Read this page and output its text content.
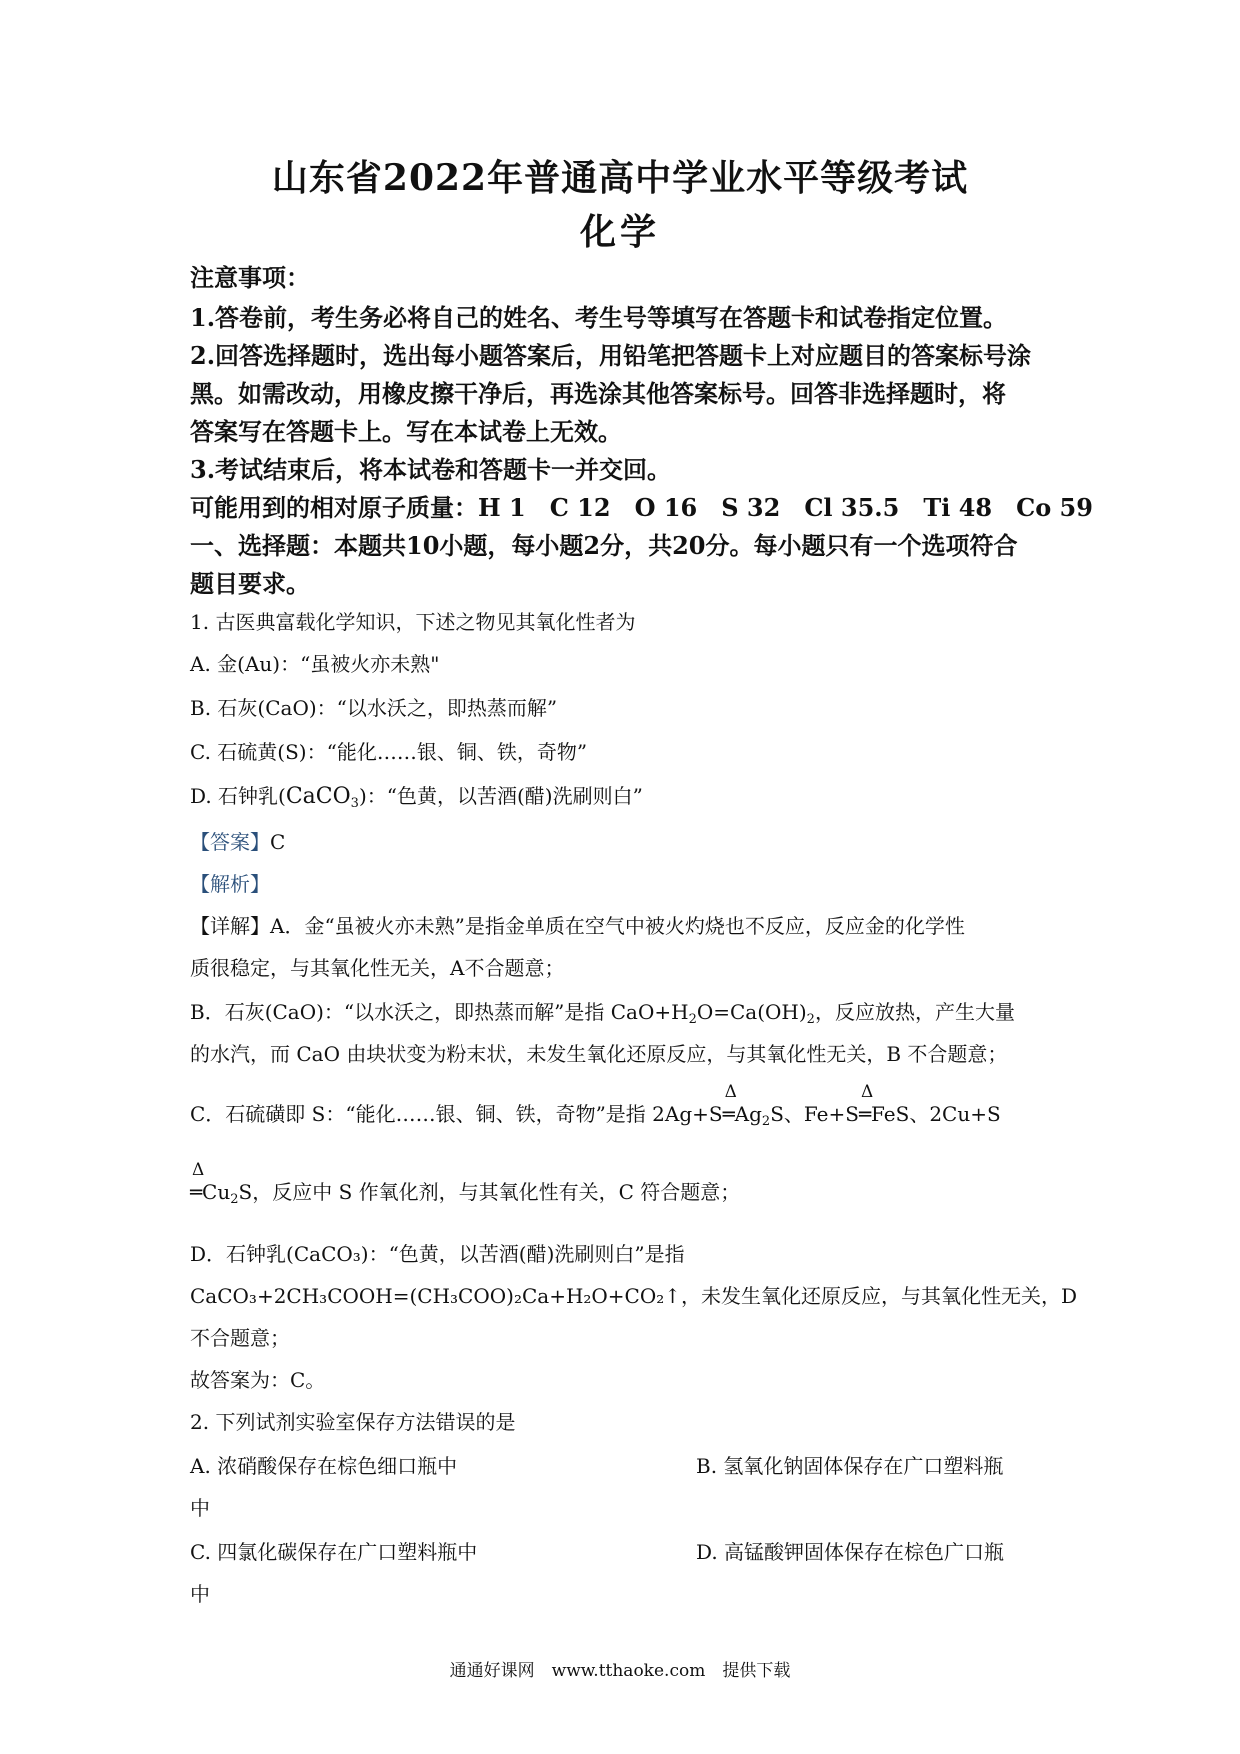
山东省2022年普通高中学业水平等级考试
化学
注意事项：
1.答卷前，考生务必将自己的姓名、考生号等填写在答题卡和试卷指定位置。
2.回答选择题时，选出每小题答案后，用铅笔把答题卡上对应题目的答案标号涂
黑。如需改动，用橡皮擦干净后，再选涂其他答案标号。回答非选择题时，将
答案写在答题卡上。写在本试卷上无效。
3.考试结束后，将本试卷和答题卡一并交回。
可能用到的相对原子质量：H 1　C 12　O 16　S 32　Cl 35.5　Ti 48　Co 59
一、选择题：本题共10小题，每小题2分，共20分。每小题只有一个选项符合
题目要求。
1. 古医典富载化学知识，下述之物见其氧化性者为
A. 金(Au)：“虽被火亦未熟"
B. 石灰(CaO)：“以水沃之，即热蒸而解”
C. 石硫黄(S)：“能化……银、铜、铁，奇物”
D. 石钟乳(CaCO$_3$)：“色黄，以苦酒(醋)洗刷则白”
【答案】C
【解析】
【详解】A．金“虽被火亦未熟”是指金单质在空气中被火灼烧也不反应，反应金的化学性
质很稳定，与其氧化性无关，A不合题意；
B．石灰(CaO)：“以水沃之，即热蒸而解”是指 $CaO+H_2O=Ca(OH)_2$，反应放热，产生大量
的水汽，而 CaO 由块状变为粉末状，未发生氧化还原反应，与其氧化性无关，B 不合题意；
C．石硫磺即 S：“能化……银、铜、铁，奇物”是指 2Ag+S
Δ
$═Ag_2S$、Fe+S
Δ
═FeS、2Cu+S
Δ
$═Cu_2S$，反应中 S 作氧化剂，与其氧化性有关，C 符合题意；
D．石钟乳(CaCO₃)：“色黄，以苦酒(醋)洗刷则白”是指
CaCO₃+2CH₃COOH=(CH₃COO)₂Ca+H₂O+CO₂↑，未发生氧化还原反应，与其氧化性无关，D
不合题意；
故答案为：C。
2. 下列试剂实验室保存方法错误的是
A. 浓硝酸保存在棕色细口瓶中	B. 氢氧化钠固体保存在广口塑料瓶
中
C. 四氯化碳保存在广口塑料瓶中	D. 高锰酸钾固体保存在棕色广口瓶
中
通通好课网　www.tthaoke.com　提供下载
